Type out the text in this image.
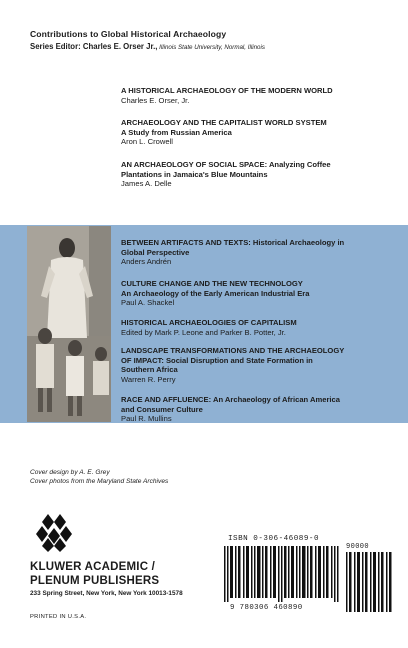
Contributions to Global Historical Archaeology
Series Editor: Charles E. Orser Jr., Illinois State University, Normal, Illinois
A HISTORICAL ARCHAEOLOGY OF THE MODERN WORLD
Charles E. Orser, Jr.
ARCHAEOLOGY AND THE CAPITALIST WORLD SYSTEM
A Study from Russian America
Aron L. Crowell
AN ARCHAEOLOGY OF SOCIAL SPACE: Analyzing Coffee
Plantations in Jamaica's Blue Mountains
James A. Delle
BETWEEN ARTIFACTS AND TEXTS: Historical Archaeology in
Global Perspective
Anders Andrén
CULTURE CHANGE AND THE NEW TECHNOLOGY
An Archaeology of the Early American Industrial Era
Paul A. Shackel
HISTORICAL ARCHAEOLOGIES OF CAPITALISM
Edited by Mark P. Leone and Parker B. Potter, Jr.
LANDSCAPE TRANSFORMATIONS AND THE ARCHAEOLOGY
OF IMPACT: Social Disruption and State Formation in
Southern Africa
Warren R. Perry
RACE AND AFFLUENCE: An Archaeology of African America
and Consumer Culture
Paul R. Mullins
Cover design by A. E. Grey
Cover photos from the Maryland State Archives
KLUWER ACADEMIC /
PLENUM PUBLISHERS
233 Spring Street, New York, New York 10013-1578
PRINTED IN U.S.A.
ISBN 0-306-46089-0
9 780306 460890
90000
